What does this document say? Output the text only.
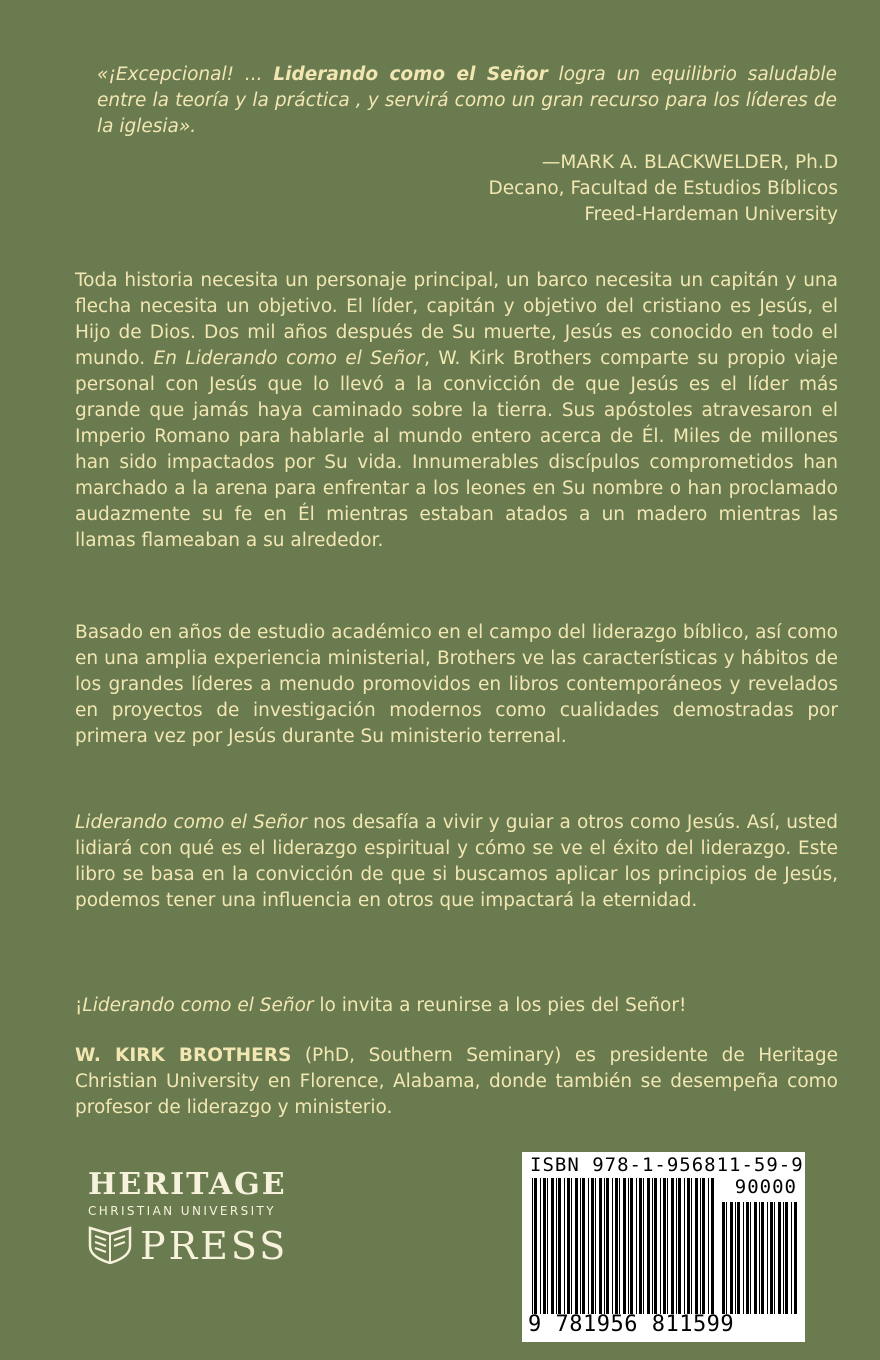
«¡Excepcional! ... Liderando como el Señor logra un equilibrio saludable entre la teoría y la práctica , y servirá como un gran recurso para los líderes de la iglesia».
—MARK A. BLACKWELDER, Ph.D
Decano, Facultad de Estudios Bíblicos
Freed-Hardeman University

Toda historia necesita un personaje principal, un barco necesita un capitán y una flecha necesita un objetivo. El líder, capitán y objetivo del cristiano es Jesús, el Hijo de Dios. Dos mil años después de Su muerte, Jesús es conocido en todo el mundo. En Liderando como el Señor, W. Kirk Brothers comparte su propio viaje personal con Jesús que lo llevó a la convicción de que Jesús es el líder más grande que jamás haya caminado sobre la tierra. Sus apóstoles atravesaron el Imperio Romano para hablarle al mundo entero acerca de Él. Miles de millones han sido impactados por Su vida. Innumerables discípulos comprometidos han marchado a la arena para enfrentar a los leones en Su nombre o han proclamado audazmente su fe en Él mientras estaban atados a un madero mientras las llamas flameaban a su alrededor.

Basado en años de estudio académico en el campo del liderazgo bíblico, así como en una amplia experiencia ministerial, Brothers ve las características y hábitos de los grandes líderes a menudo promovidos en libros contemporáneos y revelados en proyectos de investigación modernos como cualidades demostradas por primera vez por Jesús durante Su ministerio terrenal.

Liderando como el Señor nos desafía a vivir y guiar a otros como Jesús. Así, usted lidiará con qué es el liderazgo espiritual y cómo se ve el éxito del liderazgo. Este libro se basa en la convicción de que si buscamos aplicar los principios de Jesús, podemos tener una influencia en otros que impactará la eternidad.

¡Liderando como el Señor lo invita a reunirse a los pies del Señor!

W. KIRK BROTHERS (PhD, Southern Seminary) es presidente de Heritage Christian University en Florence, Alabama, donde también se desempeña como profesor de liderazgo y ministerio.

HERITAGE
CHRISTIAN UNIVERSITY
PRESS
ISBN 978-1-956811-59-9
90000
9 781956 811599
